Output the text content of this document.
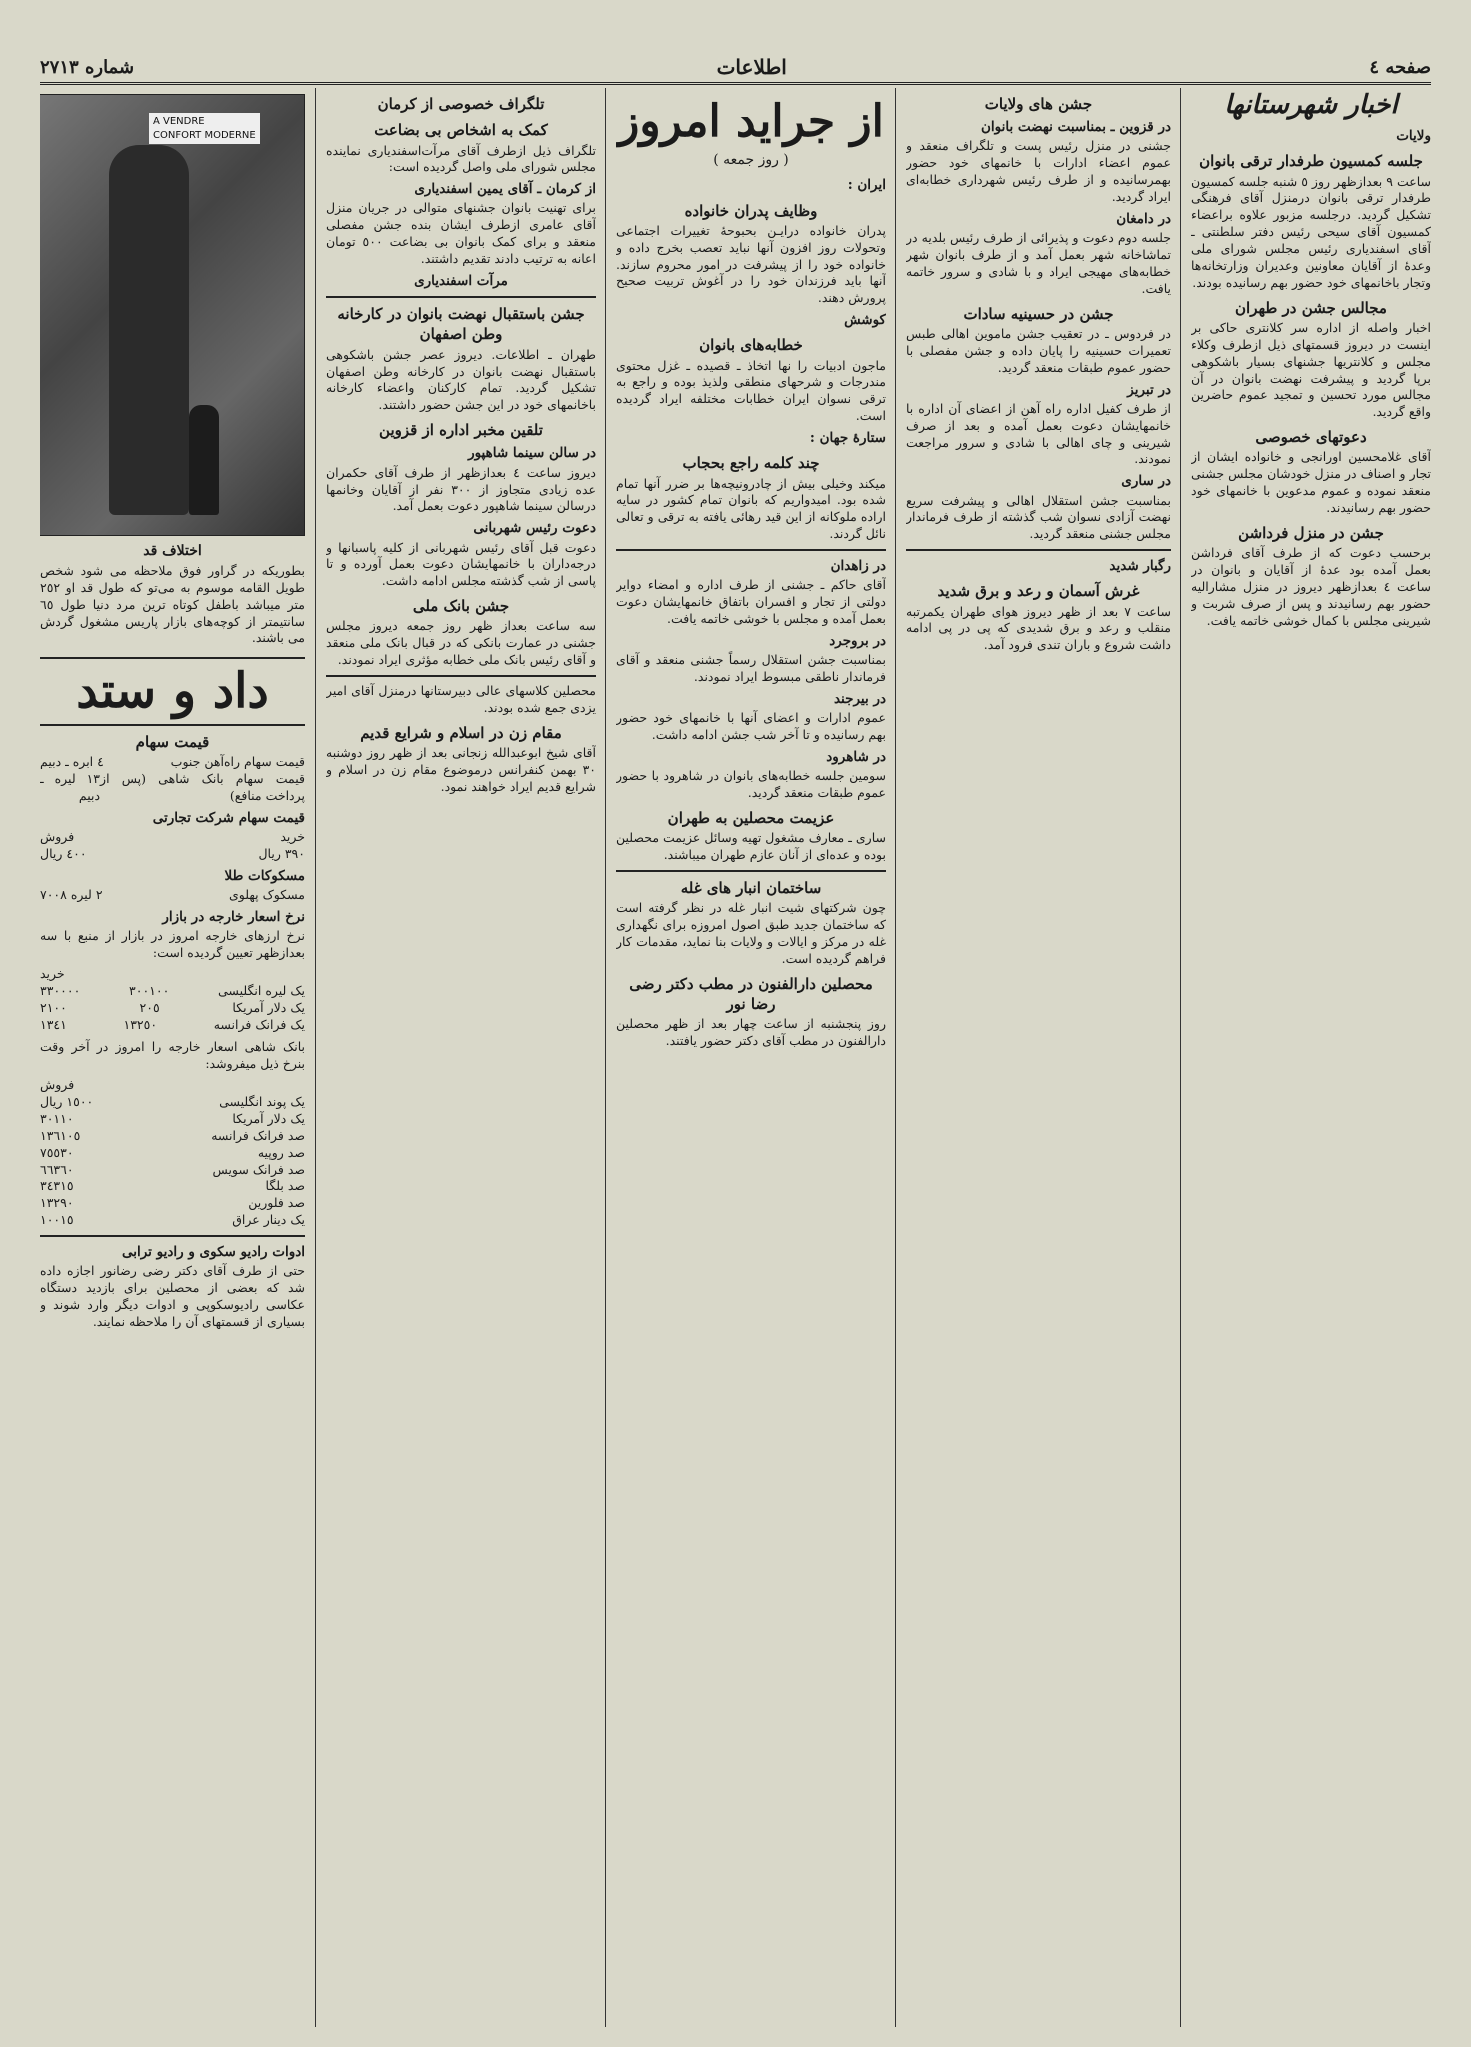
صفحه ٤
اطلاعات
شماره ۲۷۱۳
اخبار شهرستانها
ولایات
جلسه کمسیون طرفدار ترقی بانوان

ساعت ٩ بعدازظهر روز ٥ شنبه جلسه کمسیون طرفدار ترقی بانوان درمنزل آقای فرهنگی تشکیل گردید. درجلسه مزبور علاوه براعضاء کمسیون آقای سیحی رئیس دفتر سلطنتی ـ آقای اسفندیاری رئیس مجلس شورای ملی وعدهٔ از آقایان معاونین وعدیران وزارتخانه‌ها وتجار باخانمهای خود حضور بهم رسانیده بودند.

مجالس جشن در طهران

اخبار واصله از اداره سر کلانتری حاکی بر اینست در دیروز قسمتهای ذیل ازطرف وکلاء مجلس و کلانتریها جشنهای بسیار باشکوهی برپا گردید و پیشرفت نهضت بانوان در آن مجالس مورد تحسین و تمجید عموم حاضرین واقع گردید.

دعوتهای خصوصی

آقای غلامحسین اورانجی و خانواده ایشان از تجار و اصناف در منزل خودشان مجلس جشنی منعقد نموده و عموم مدعوین با خانمهای خود حضور بهم رسانیدند.

جشن در منزل فرداشن

برحسب دعوت که از طرف آقای فرداشن بعمل آمده بود عدهٔ از آقایان و بانوان در ساعت ٤ بعدازظهر دیروز در منزل مشارالیه حضور بهم رسانیدند و پس از صرف شربت و شیرینی مجلس با کمال خوشی خاتمه یافت.

جشن های ولایات
در قزوین ـ بمناسبت نهضت بانوان

جشنی در منزل رئیس پست و تلگراف منعقد و عموم اعضاء ادارات با خانمهای خود حضور بهمرسانیده و از طرف رئیس شهرداری خطابه‌ای ایراد گردید.

در دامغان

جلسه دوم دعوت و پذیرائی از طرف رئیس بلدیه در تماشاخانه شهر بعمل آمد و از طرف بانوان شهر خطابه‌های مهیجی ایراد و با شادی و سرور خاتمه یافت.

جشن در حسینیه سادات

در فردوس ـ در تعقیب جشن ماموین اهالی طبس تعمیرات حسینیه را پایان داده و جشن مفصلی با حضور عموم طبقات منعقد گردید.

در تبریز

از طرف کفیل اداره راه آهن از اعضای آن اداره با خانمهایشان دعوت بعمل آمده و بعد از صرف شیرینی و چای اهالی با شادی و سرور مراجعت نمودند.

در ساری

بمناسبت جشن استقلال اهالی و پیشرفت سریع نهضت آزادی نسوان شب گذشته از طرف فرماندار مجلس جشنی منعقد گردید.

رگبار شدید
غرش آسمان و رعد و برق شدید

ساعت ٧ بعد از ظهر دیروز هوای طهران یکمرتبه منقلب و رعد و برق شدیدی که پی در پی ادامه داشت شروع و باران تندی فرود آمد.

از جراید امروز
( روز جمعه )
ایران :
وظایف پدران خانواده

پدران خانواده ‌درایـن ‌بحبوحهٔ تغییرات اجتماعی وتحولات روز افزون آنها نباید تعصب بخرج داده و خانواده خود را از پیشرفت در امور محروم سازند. آنها باید فرزندان خود را در آغوش تربیت صحیح پرورش دهند.

کوشش
خطابه‌های بانوان

ماجون ادبیات را نها اتخاذ ـ قصیده ـ غزل محتوی مندرجات و شرحهای منطقی ولذیذ بوده و راجع به ترقی نسوان ایران خطابات مختلفه ایراد گردیده است.

ستارهٔ جهان :
چند کلمه راجع بحجاب

میکند وخیلی بیش از چادرونیچه‌ها بر ضرر آنها تمام شده بود. امیدواریم که بانوان تمام کشور در سایه اراده ملوکانه از این قید رهائی یافته به ترقی و تعالی نائل گردند.

در زاهدان

آقای حاکم ـ جشنی از طرف اداره و امضاء دوایر دولتی از تجار و افسران باتفاق خانمهایشان دعوت بعمل آمده و مجلس با خوشی خاتمه یافت.

در بروجرد

بمناسبت جشن استقلال رسماً جشنی منعقد و آقای فرماندار ناطقی مبسوط ایراد نمودند.

در بیرجند

عموم ادارات و اعضای آنها با خانمهای خود حضور بهم رسانیده و تا آخر شب جشن ادامه داشت.

در شاهرود

سومین جلسه خطابه‌های بانوان در شاهرود با حضور عموم طبقات منعقد گردید.

عزیمت محصلین به طهران

ساری ـ معارف مشغول تهیه وسائل عزیمت محصلین بوده و عده‌ای از آنان عازم طهران میباشند.

ساختمان انبار های غله

چون شرکتهای شیت انبار غله در نظر گرفته است که ساختمان جدید طبق اصول امروزه برای نگهداری غله در مرکز و ایالات و ولایات بنا نماید، مقدمات کار فراهم گردیده است.

محصلین دارالفنون در مطب دکتر رضی رضا نور

روز پنجشنبه از ساعت چهار بعد از ظهر محصلین دارالفنون در مطب آقای دکتر حضور یافتند.

تلگراف خصوصی از کرمان
کمک به اشخاص بی بضاعت

تلگراف ذیل ازطرف آقای مرآت‌اسفندیاری نماینده مجلس شورای ملی واصل گردیده است:

از کرمان ـ آقای یمین اسفندیاری

برای تهنیت بانوان جشنهای متوالی در جریان منزل آقای عامری ازطرف ایشان بنده جشن مفصلی منعقد و برای کمک بانوان بی بضاعت ٥٠٠ تومان اعانه به ترتیب دادند تقدیم داشتند.

مرآت اسفندیاری
جشن باستقبال نهضت بانوان در کارخانه وطن اصفهان

طهران ـ اطلاعات. دیروز عصر جشن باشکوهی باستقبال نهضت بانوان در کارخانه وطن اصفهان تشکیل گردید. تمام کارکنان واعضاء کارخانه باخانمهای خود در این جشن حضور داشتند.

تلقین مخبر اداره از قزوین
در سالن سینما شاهپور

دیروز ساعت ٤ بعدازظهر از طرف آقای حکمران عده زیادی متجاوز از ٣٠٠ نفر از آقایان وخانمها درسالن سینما شاهپور دعوت بعمل آمد.

دعوت رئیس شهربانی

دعوت قبل آقای رئیس شهربانی از کلیه پاسبانها و درجه‌داران با خانمهایشان دعوت بعمل آورده و تا پاسی از شب گذشته مجلس ادامه داشت.

جشن بانک ملی

سه ساعت بعداز ظهر روز جمعه دیروز مجلس جشنی در عمارت بانکی که در قبال بانک ملی منعقد و آقای رئیس بانک ملی خطابه مؤثری ایراد نمودند.

محصلین کلاسهای عالی دبیرستانها درمنزل آقای امیر یزدی جمع شده بودند.

مقام زن در اسلام و شرایع قدیم

آقای شیخ ابوعبدالله زنجانی بعد از ظهر روز دوشنبه ٣٠ بهمن کنفرانس درموضوع مقام زن در اسلام و شرایع قدیم ایراد خواهند نمود.

A VENDRE
CONFORT MODERNE
اختلاف قد

بطوریکه در گراور فوق ملاحظه می شود شخص طویل القامه موسوم به می‌تو که طول قد او ٢٥٢ متر میباشد باطفل کوتاه ترین مرد دنیا طول ٦٥ سانتیمتر از کوچه‌های بازار پاریس مشغول گردش می باشند.

داد و ستد
قیمت سهام
قیمت سهام راه‌آهن جنوب
٤ ابره ـ دبیم
قیمت سهام بانک شاهی (پس از پرداخت منافع)
١٣ لیره ـ دبیم
قیمت سهام شرکت تجارتی
خرید
فروش
٣٩٠ ریال
٤٠٠ ریال
مسکوکات طلا
مسکوک پهلوی
٢ لیره ٧٠٠٨
نرخ اسعار خارجه در بازار

نرخ ارزهای خارجه امروز در بازار از منبع با سه بعدازظهر تعیین گردیده است:

خرید
یک لیره انگلیسی
٣٠٠١٠٠
٣٣٠٠٠٠
یک دلار آمریکا
٢٠٥
٢١٠٠
یک فرانک فرانسه
١٣٢٥٠
١٣٤١

بانک شاهی اسعار خارجه را امروز در آخر وقت بنرخ ذیل میفروشد:

فروش
یک پوند انگلیسی
١٥٠٠ ریال
یک دلار آمریکا
٣٠١١٠
صد فرانک فرانسه
١٣٦١٠٥
صد روپیه
٧٥٥٣٠
صد فرانک سویس
٦٦٣٦٠
صد بلگا
٣٤٣١٥
صد فلورین
١٣٢٩٠
یک دینار عراق
١٠٠١٥
ادوات رادیو سکوی و رادیو ترابی

حتی از طرف آقای دکتر رضی رضانور اجازه داده شد که بعضی از محصلین برای بازدید دستگاه عکاسی رادیوسکوپی و ادوات دیگر وارد شوند و بسیاری از قسمتهای آن را ملاحظه نمایند.
